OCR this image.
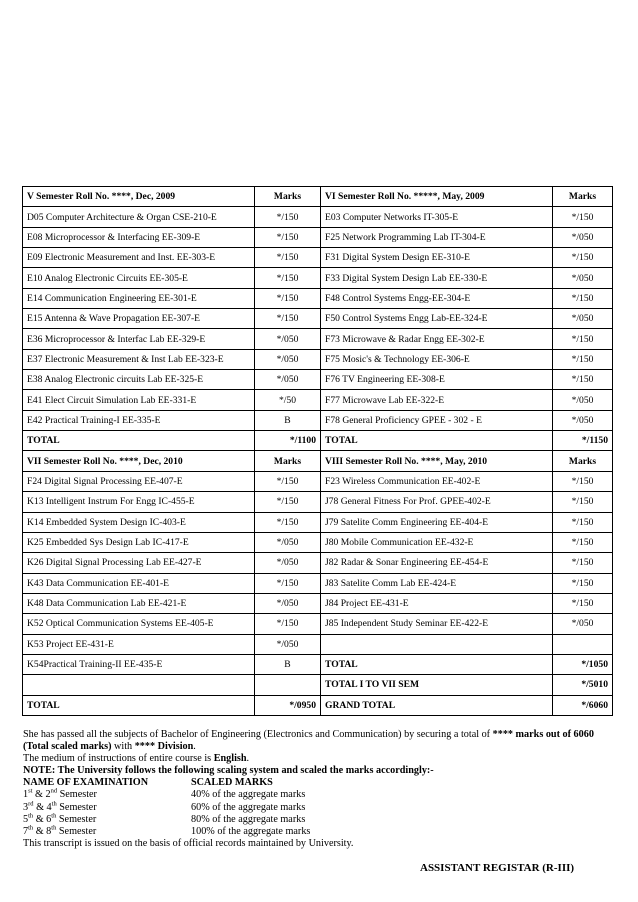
V Semester Roll No. ****, Dec, 2009	Marks	VI Semester Roll No. *****, May, 2009	Marks
D05 Computer Architecture & Organ CSE-210-E	*/150	E03 Computer Networks IT-305-E	*/150
E08 Microprocessor & Interfacing EE-309-E	*/150	F25 Network Programming Lab IT-304-E	*/050
E09 Electronic Measurement and Inst. EE-303-E	*/150	F31 Digital System Design EE-310-E	*/150
E10 Analog Electronic Circuits EE-305-E	*/150	F33 Digital System Design Lab EE-330-E	*/050
E14 Communication Engineering EE-301-E	*/150	F48 Control Systems Engg-EE-304-E	*/150
E15 Antenna & Wave Propagation EE-307-E	*/150	F50 Control Systems Engg Lab-EE-324-E	*/050
E36 Microprocessor & Interfac Lab EE-329-E	*/050	F73 Microwave & Radar Engg EE-302-E	*/150
E37 Electronic Measurement & Inst Lab EE-323-E	*/050	F75 Mosic's & Technology EE-306-E	*/150
E38 Analog Electronic circuits Lab EE-325-E	*/050	F76 TV Engineering EE-308-E	*/150
E41 Elect Circuit Simulation Lab EE-331-E	*/50	F77 Microwave Lab EE-322-E	*/050
E42 Practical Training-I EE-335-E	B	F78 General Proficiency GPEE - 302 - E	*/050
TOTAL	*/1100	TOTAL	*/1150
VII Semester Roll No. ****, Dec, 2010	Marks	VIII Semester Roll No. ****, May, 2010	Marks
F24 Digital Signal Processing EE-407-E	*/150	F23 Wireless Communication EE-402-E	*/150
K13 Intelligent Instrum For Engg IC-455-E	*/150	J78 General Fitness For Prof. GPEE-402-E	*/150
K14 Embedded System Design IC-403-E	*/150	J79 Satelite Comm Engineering EE-404-E	*/150
K25 Embedded Sys Design Lab IC-417-E	*/050	J80 Mobile Communication EE-432-E	*/150
K26 Digital Signal Processing Lab EE-427-E	*/050	J82 Radar & Sonar Engineering EE-454-E	*/150
K43 Data Communication EE-401-E	*/150	J83 Satelite Comm Lab EE-424-E	*/150
K48 Data Communication Lab EE-421-E	*/050	J84 Project EE-431-E	*/150
K52 Optical Communication Systems EE-405-E	*/150	J85 Independent Study Seminar EE-422-E	*/050
K53 Project EE-431-E	*/050		
K54Practical Training-II EE-435-E	B	TOTAL	*/1050
		TOTAL I TO VII SEM	*/5010
TOTAL	*/0950	GRAND TOTAL	*/6060

She has passed all the subjects of Bachelor of Engineering (Electronics and Communication) by securing a total of **** marks out of 6060 (Total scaled marks) with **** Division.

The medium of instructions of entire course is English.

NOTE: The University follows the following scaling system and scaled the marks accordingly:-

NAME OF EXAMINATION	SCALED MARKS
1st & 2nd Semester	40% of the aggregate marks
3rd & 4th Semester	60% of the aggregate marks
5th & 6th Semester	80% of the aggregate marks
7th & 8th Semester	100% of the aggregate marks

This transcript is issued on the basis of official records maintained by University.

ASSISTANT REGISTAR (R-III)
